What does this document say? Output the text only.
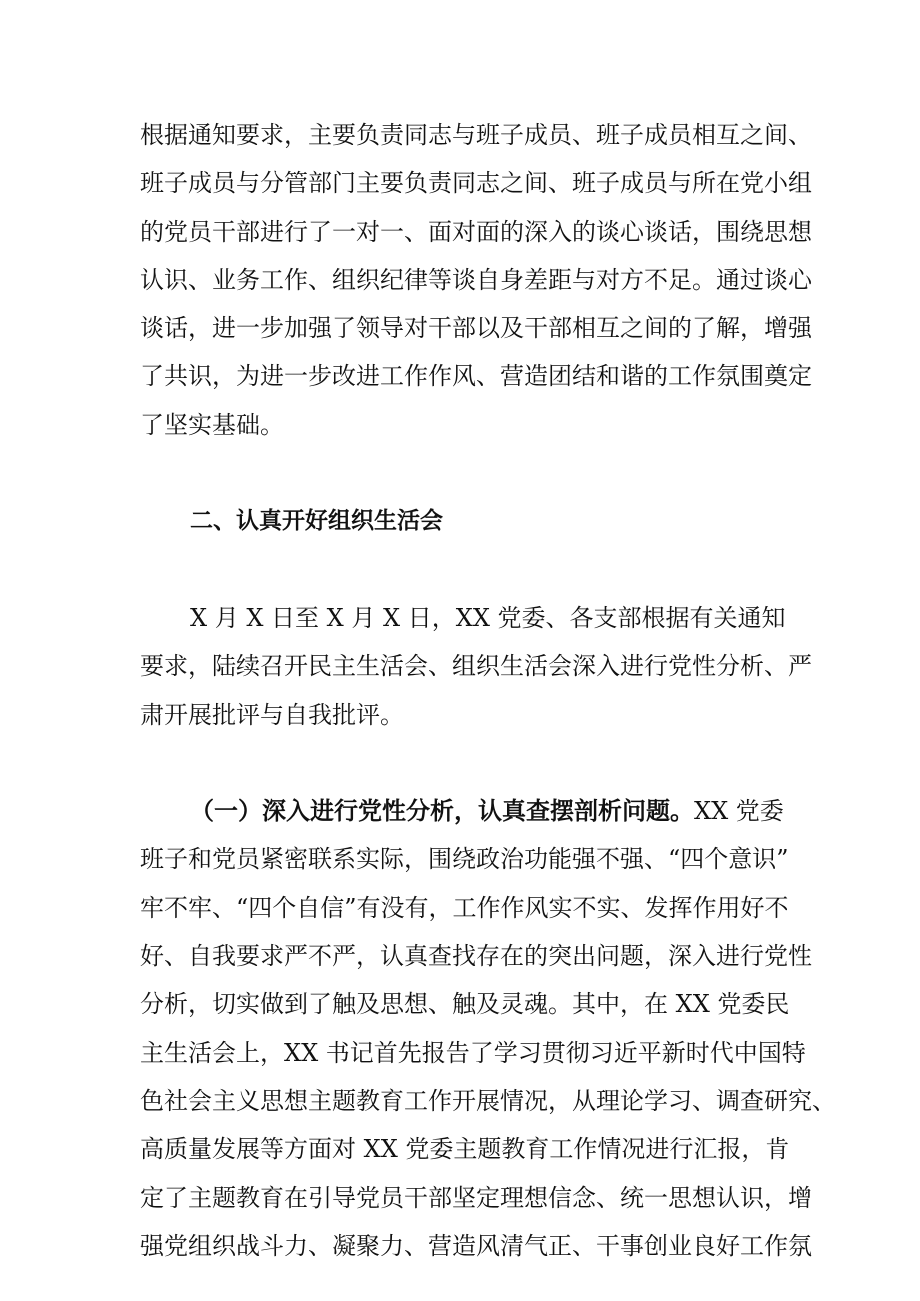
根据通知要求，主要负责同志与班子成员、班子成员相互之间、
班子成员与分管部门主要负责同志之间、班子成员与所在党小组
的党员干部进行了一对一、面对面的深入的谈心谈话，围绕思想
认识、业务工作、组织纪律等谈自身差距与对方不足。通过谈心
谈话，进一步加强了领导对干部以及干部相互之间的了解，增强
了共识，为进一步改进工作作风、营造团结和谐的工作氛围奠定
了坚实基础。
二、认真开好组织生活会
X 月 X 日至 X 月 X 日，XX 党委、各支部根据有关通知
要求，陆续召开民主生活会、组织生活会深入进行党性分析、严
肃开展批评与自我批评。
（一）深入进行党性分析，认真查摆剖析问题。XX 党委
班子和党员紧密联系实际，围绕政治功能强不强、“四个意识”
牢不牢、“四个自信”有没有，工作作风实不实、发挥作用好不
好、自我要求严不严，认真查找存在的突出问题，深入进行党性
分析，切实做到了触及思想、触及灵魂。其中，在 XX 党委民
主生活会上，XX 书记首先报告了学习贯彻习近平新时代中国特
色社会主义思想主题教育工作开展情况，从理论学习、调查研究、
高质量发展等方面对 XX 党委主题教育工作情况进行汇报，肯
定了主题教育在引导党员干部坚定理想信念、统一思想认识，增
强党组织战斗力、凝聚力、营造风清气正、干事创业良好工作氛
